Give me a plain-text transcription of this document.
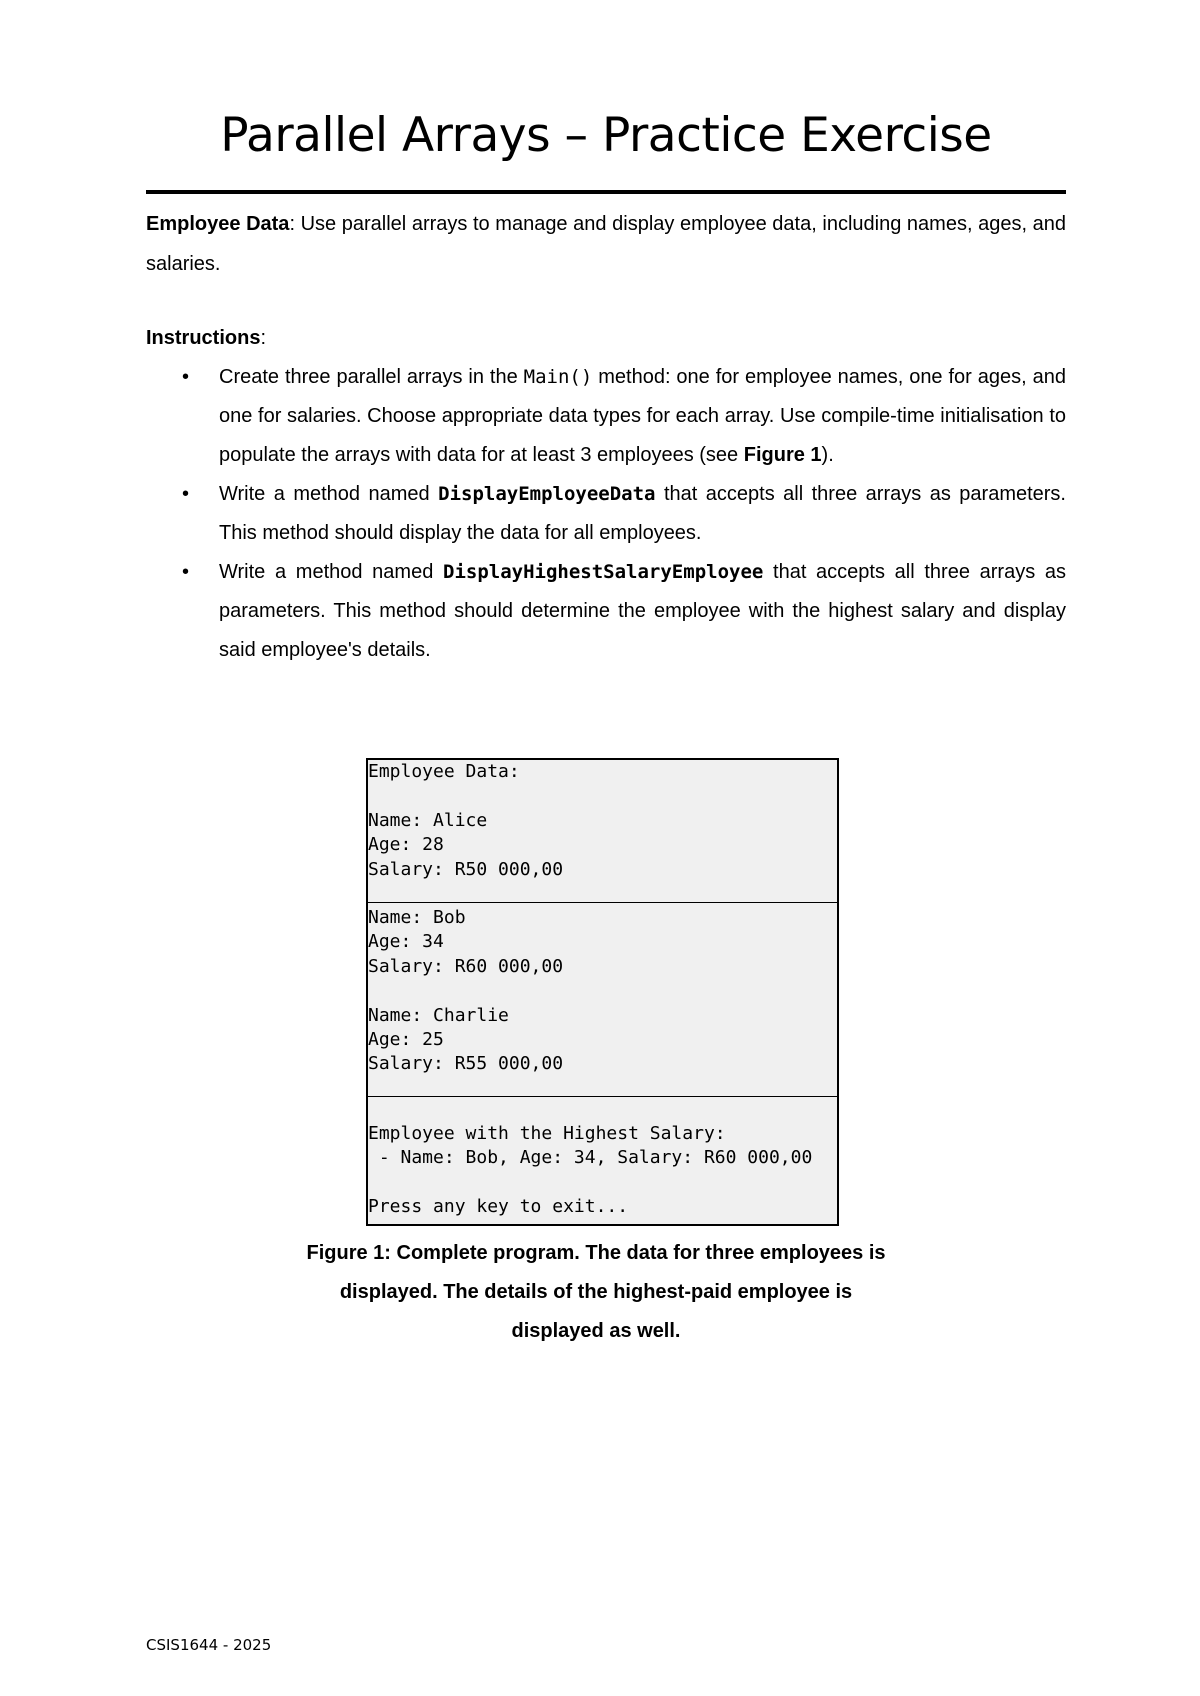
Parallel Arrays – Practice Exercise
Employee Data: Use parallel arrays to manage and display employee data, including names, ages, and salaries.
Instructions:
• Create three parallel arrays in the Main() method: one for employee names, one for ages, and one for salaries. Choose appropriate data types for each array. Use compile-time initialisation to populate the arrays with data for at least 3 employees (see Figure 1).
• Write a method named DisplayEmployeeData that accepts all three arrays as parameters. This method should display the data for all employees.
• Write a method named DisplayHighestSalaryEmployee that accepts all three arrays as parameters. This method should determine the employee with the highest salary and display said employee's details.

Employee Data:

Name: Alice
Age: 28
Salary: R50 000,00

Name: Bob
Age: 34
Salary: R60 000,00

Name: Charlie
Age: 25
Salary: R55 000,00

Employee with the Highest Salary:
- Name: Bob, Age: 34, Salary: R60 000,00

Press any key to exit...

Figure 1: Complete program. The data for three employees is displayed. The details of the highest-paid employee is displayed as well.
CSIS1644 - 2025
